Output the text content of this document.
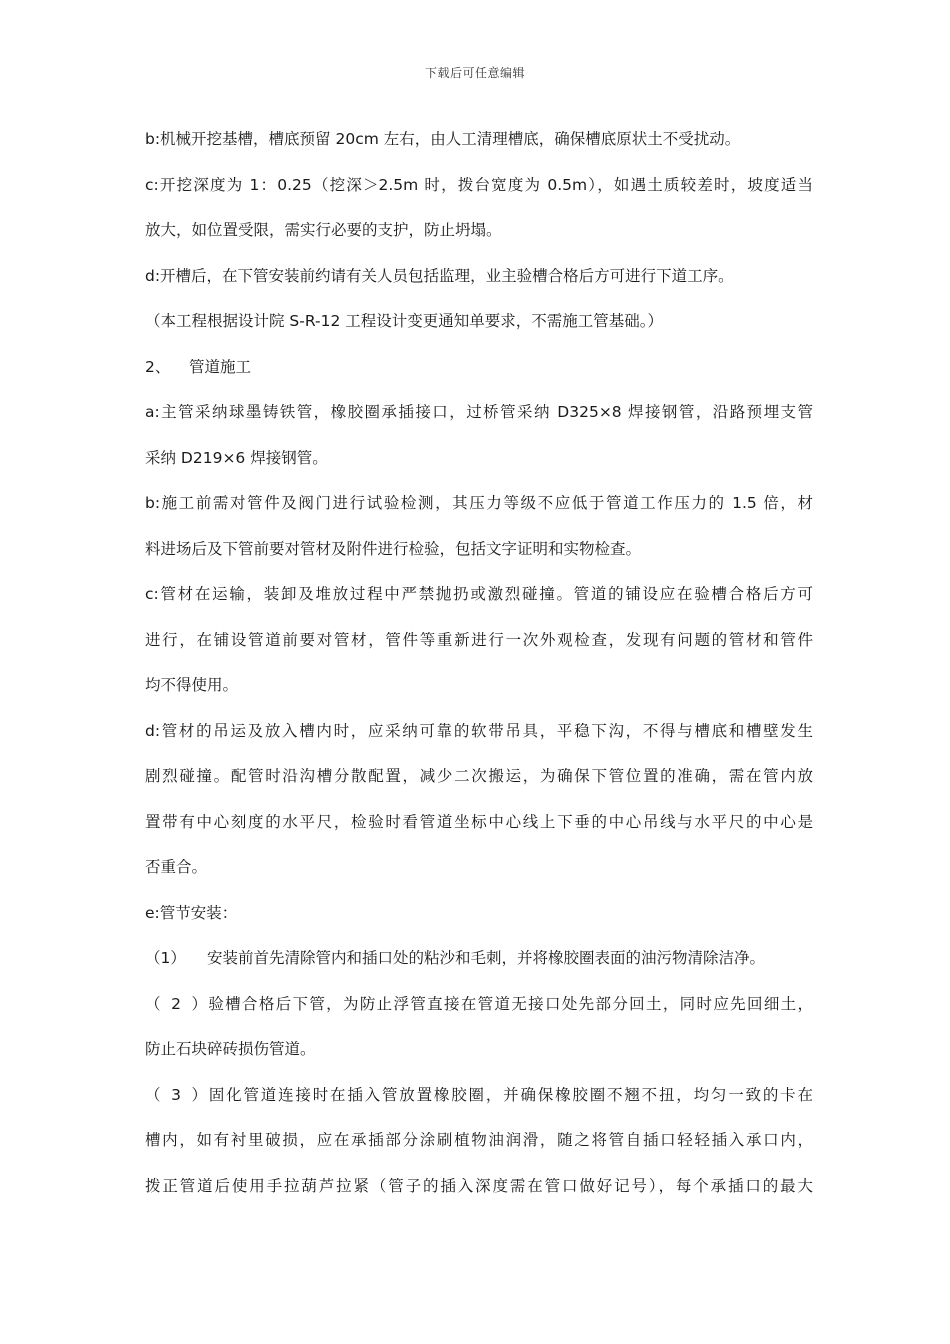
下载后可任意编辑
b:机械开挖基槽，槽底预留 20cm 左右，由人工清理槽底，确保槽底原状土不受扰动。
c:开挖深度为 1：0.25（挖深＞2.5m 时，拨台宽度为 0.5m），如遇土质较差时，坡度适当
放大，如位置受限，需实行必要的支护，防止坍塌。
d:开槽后，在下管安装前约请有关人员包括监理，业主验槽合格后方可进行下道工序。
（本工程根据设计院 S-R-12 工程设计变更通知单要求，不需施工管基础。）
2、 管道施工
a:主管采纳球墨铸铁管，橡胶圈承插接口，过桥管采纳 D325×8 焊接钢管，沿路预埋支管
采纳 D219×6 焊接钢管。
b:施工前需对管件及阀门进行试验检测，其压力等级不应低于管道工作压力的 1.5 倍，材
料进场后及下管前要对管材及附件进行检验，包括文字证明和实物检查。
c:管材在运输，装卸及堆放过程中严禁抛扔或激烈碰撞。管道的铺设应在验槽合格后方可
进行，在铺设管道前要对管材，管件等重新进行一次外观检查，发现有问题的管材和管件
均不得使用。
d:管材的吊运及放入槽内时，应采纳可靠的软带吊具，平稳下沟，不得与槽底和槽壁发生
剧烈碰撞。配管时沿沟槽分散配置，减少二次搬运，为确保下管位置的准确，需在管内放
置带有中心刻度的水平尺，检验时看管道坐标中心线上下垂的中心吊线与水平尺的中心是
否重合。
e:管节安装：
（1） 安装前首先清除管内和插口处的粘沙和毛刺，并将橡胶圈表面的油污物清除洁净。
（2）验槽合格后下管，为防止浮管直接在管道无接口处先部分回土，同时应先回细土，
防止石块碎砖损伤管道。
（3）固化管道连接时在插入管放置橡胶圈，并确保橡胶圈不翘不扭，均匀一致的卡在
槽内，如有衬里破损，应在承插部分涂刷植物油润滑，随之将管自插口轻轻插入承口内，
拨正管道后使用手拉葫芦拉紧（管子的插入深度需在管口做好记号），每个承插口的最大
